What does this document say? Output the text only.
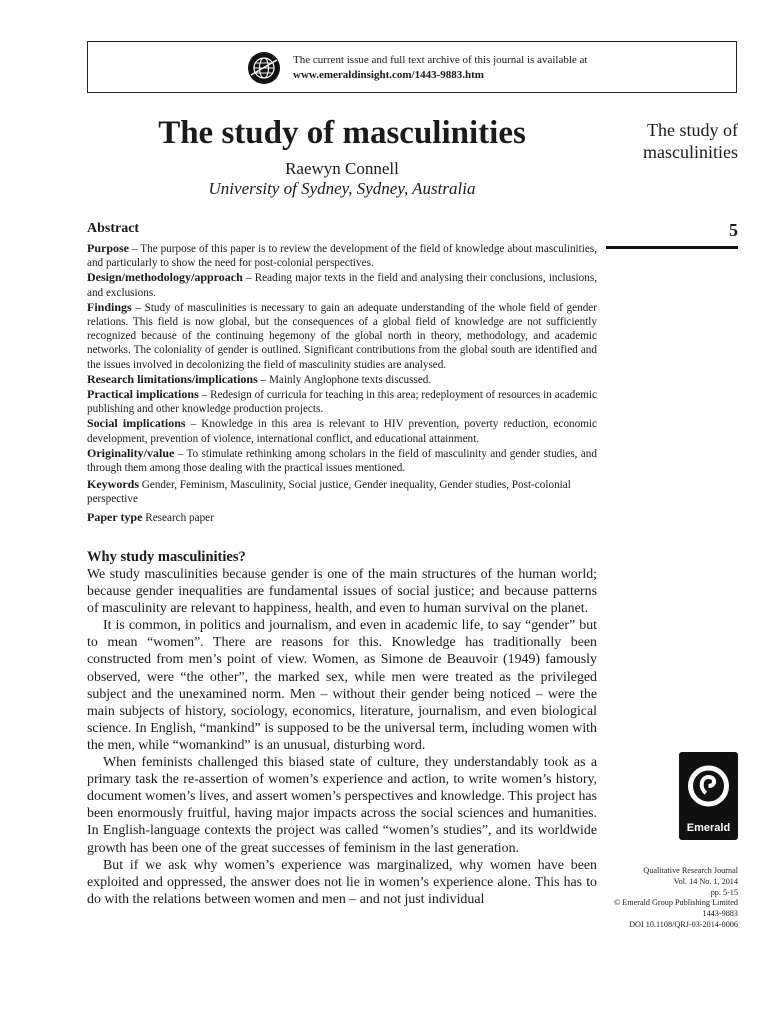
The current issue and full text archive of this journal is available at
www.emeraldinsight.com/1443-9883.htm
The study of masculinities
Raewyn Connell
University of Sydney, Sydney, Australia
The study of masculinities
5
Abstract

Purpose – The purpose of this paper is to review the development of the field of knowledge about masculinities, and particularly to show the need for post-colonial perspectives.

Design/methodology/approach – Reading major texts in the field and analysing their conclusions, inclusions, and exclusions.

Findings – Study of masculinities is necessary to gain an adequate understanding of the whole field of gender relations. This field is now global, but the consequences of a global field of knowledge are not sufficiently recognized because of the continuing hegemony of the global north in theory, methodology, and academic networks. The coloniality of gender is outlined. Significant contributions from the global south are identified and the issues involved in decolonizing the field of masculinity studies are analysed.

Research limitations/implications – Mainly Anglophone texts discussed.

Practical implications – Redesign of curricula for teaching in this area; redeployment of resources in academic publishing and other knowledge production projects.

Social implications – Knowledge in this area is relevant to HIV prevention, poverty reduction, economic development, prevention of violence, international conflict, and educational attainment.

Originality/value – To stimulate rethinking among scholars in the field of masculinity and gender studies, and through them among those dealing with the practical issues mentioned.

Keywords Gender, Feminism, Masculinity, Social justice, Gender inequality, Gender studies, Post-colonial perspective

Paper type Research paper

Why study masculinities?

We study masculinities because gender is one of the main structures of the human world; because gender inequalities are fundamental issues of social justice; and because patterns of masculinity are relevant to happiness, health, and even to human survival on the planet.

It is common, in politics and journalism, and even in academic life, to say “gender” but to mean “women”. There are reasons for this. Knowledge has traditionally been constructed from men’s point of view. Women, as Simone de Beauvoir (1949) famously observed, were “the other”, the marked sex, while men were treated as the privileged subject and the unexamined norm. Men – without their gender being noticed – were the main subjects of history, sociology, economics, literature, journalism, and even biological science. In English, “mankind” is supposed to be the universal term, including women with the men, while “womankind” is an unusual, disturbing word.

When feminists challenged this biased state of culture, they understandably took as a primary task the re-assertion of women’s experience and action, to write women’s history, document women’s lives, and assert women’s perspectives and knowledge. This project has been enormously fruitful, having major impacts across the social sciences and humanities. In English-language contexts the project was called “women’s studies”, and its worldwide growth has been one of the great successes of feminism in the last generation.

But if we ask why women’s experience was marginalized, why women have been exploited and oppressed, the answer does not lie in women’s experience alone. This has to do with the relations between women and men – and not just individual

Emerald
Qualitative Research Journal
Vol. 14 No. 1, 2014
pp. 5-15
© Emerald Group Publishing Limited
1443-9883
DOI 10.1108/QRJ-03-2014-0006
